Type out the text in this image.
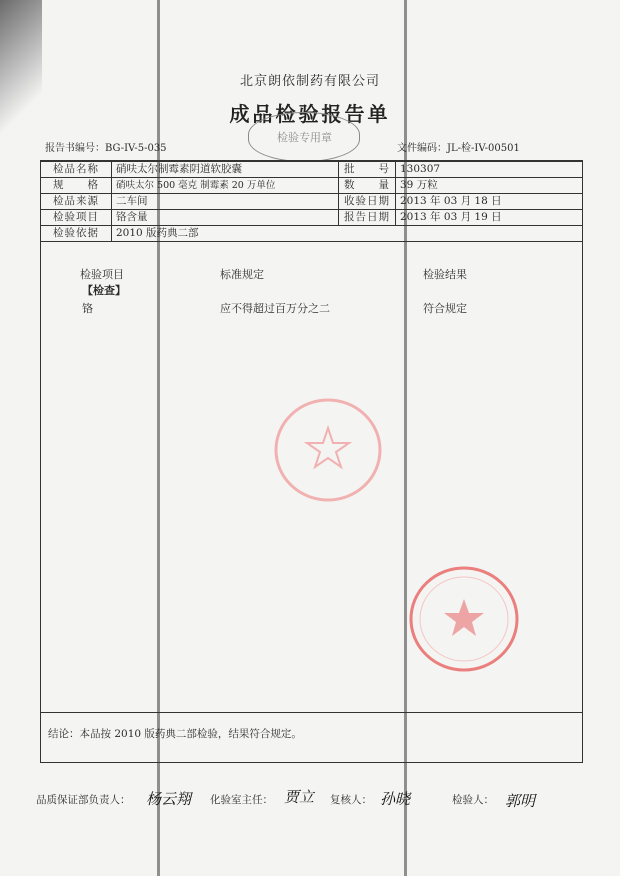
北京朗依制药有限公司
成品检验报告单
检验专用章
报告书编号：BG-IV-5-035	文件编码：JL-检-IV-00501
检品名称	硝呋太尔制霉素阴道软胶囊	批　　号	130307
规　　格	硝呋太尔 500 毫克 制霉素 20 万单位	数　　量	39 万粒
检品来源	二车间	收验日期	2013 年 03 月 18 日
检验项目	铬含量	报告日期	2013 年 03 月 19 日
检验依据	2010 版药典二部		
检验项目	标准规定	检验结果
【检查】
铬	应不得超过百万分之二	符合规定
结论：本品按 2010 版药典二部检验，结果符合规定。
品质保证部负责人： 杨云翔 化验室主任： 贾立 复核人： 孙晓	检验人： 郭明
